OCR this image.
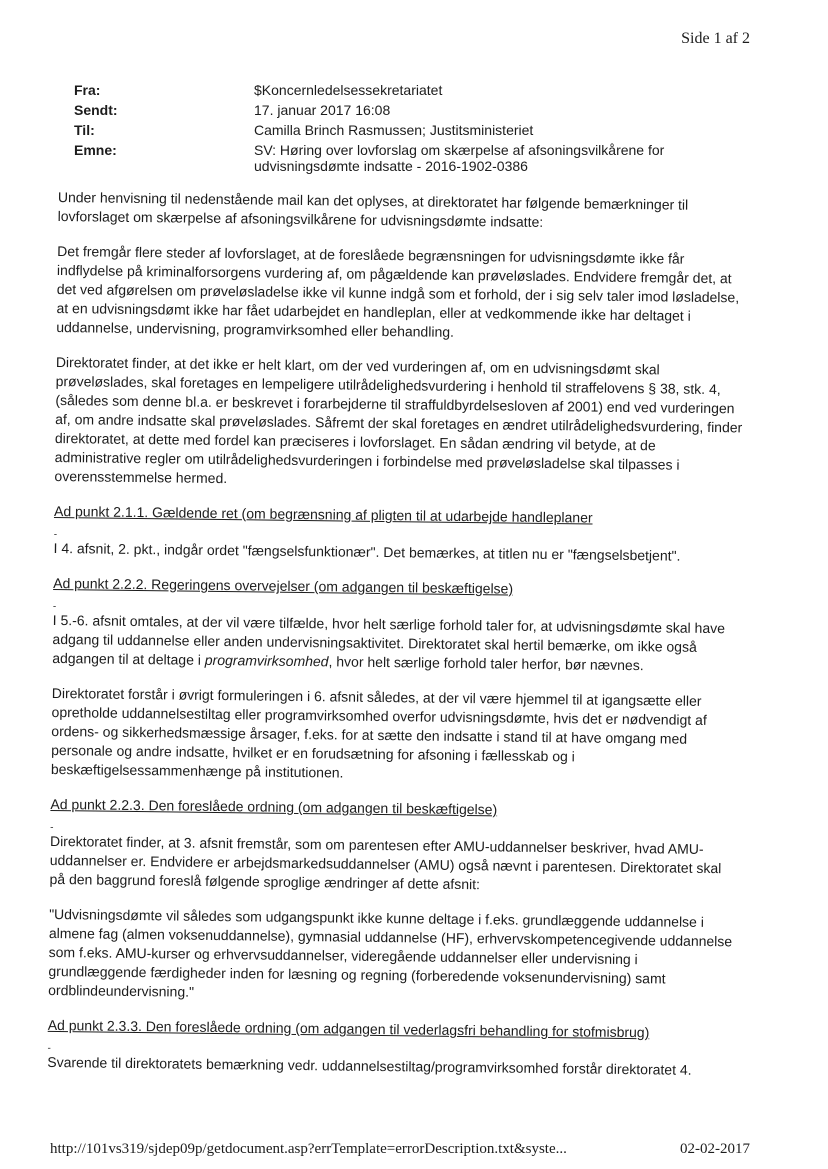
Side 1 af 2
Fra:	$Koncernledelsessekretariatet
Sendt:	17. januar 2017 16:08
Til:	Camilla Brinch Rasmussen; Justitsministeriet
Emne:	SV: Høring over lovforslag om skærpelse af afsoningsvilkårene for udvisningsdømte indsatte - 2016-1902-0386

Under henvisning til nedenstående mail kan det oplyses, at direktoratet har følgende bemærkninger til lovforslaget om skærpelse af afsoningsvilkårene for udvisningsdømte indsatte:

Det fremgår flere steder af lovforslaget, at de foreslåede begrænsningen for udvisningsdømte ikke får indflydelse på kriminalforsorgens vurdering af, om pågældende kan prøveløslades. Endvidere fremgår det, at det ved afgørelsen om prøveløsladelse ikke vil kunne indgå som et forhold, der i sig selv taler imod løsladelse, at en udvisningsdømt ikke har fået udarbejdet en handleplan, eller at vedkommende ikke har deltaget i uddannelse, undervisning, programvirksomhed eller behandling.

Direktoratet finder, at det ikke er helt klart, om der ved vurderingen af, om en udvisningsdømt skal prøveløslades, skal foretages en lempeligere utilrådelighedsvurdering i henhold til straffelovens § 38, stk. 4, (således som denne bl.a. er beskrevet i forarbejderne til straffuldbyrdelsesloven af 2001) end ved vurderingen af, om andre indsatte skal prøveløslades. Såfremt der skal foretages en ændret utilrådelighedsvurdering, finder direktoratet, at dette med fordel kan præciseres i lovforslaget. En sådan ændring vil betyde, at de administrative regler om utilrådelighedsvurderingen i forbindelse med prøveløsladelse skal tilpasses i overensstemmelse hermed.

Ad punkt 2.1.1. Gældende ret (om begrænsning af pligten til at udarbejde handleplaner
-

I 4. afsnit, 2. pkt., indgår ordet "fængselsfunktionær". Det bemærkes, at titlen nu er "fængselsbetjent".

Ad punkt 2.2.2. Regeringens overvejelser (om adgangen til beskæftigelse)
-

I 5.-6. afsnit omtales, at der vil være tilfælde, hvor helt særlige forhold taler for, at udvisningsdømte skal have adgang til uddannelse eller anden undervisningsaktivitet. Direktoratet skal hertil bemærke, om ikke også adgangen til at deltage i programvirksomhed, hvor helt særlige forhold taler herfor, bør nævnes.

Direktoratet forstår i øvrigt formuleringen i 6. afsnit således, at der vil være hjemmel til at igangsætte eller opretholde uddannelsestiltag eller programvirksomhed overfor udvisningsdømte, hvis det er nødvendigt af ordens- og sikkerhedsmæssige årsager, f.eks. for at sætte den indsatte i stand til at have omgang med personale og andre indsatte, hvilket er en forudsætning for afsoning i fællesskab og i beskæftigelsessammenhænge på institutionen.

Ad punkt 2.2.3. Den foreslåede ordning (om adgangen til beskæftigelse)
-

Direktoratet finder, at 3. afsnit fremstår, som om parentesen efter AMU-uddannelser beskriver, hvad AMU-uddannelser er. Endvidere er arbejdsmarkedsuddannelser (AMU) også nævnt i parentesen. Direktoratet skal på den baggrund foreslå følgende sproglige ændringer af dette afsnit:

"Udvisningsdømte vil således som udgangspunkt ikke kunne deltage i f.eks. grundlæggende uddannelse i almene fag (almen voksenuddannelse), gymnasial uddannelse (HF), erhvervskompetencegivende uddannelse som f.eks. AMU-kurser og erhvervsuddannelser, videregående uddannelser eller undervisning i grundlæggende færdigheder inden for læsning og regning (forberedende voksenundervisning) samt ordblindeundervisning."

Ad punkt 2.3.3. Den foreslåede ordning (om adgangen til vederlagsfri behandling for stofmisbrug)
-

Svarende til direktoratets bemærkning vedr. uddannelsestiltag/programvirksomhed forstår direktoratet 4.

http://101vs319/sjdep09p/getdocument.asp?errTemplate=errorDescription.txt&syste...	02-02-2017
